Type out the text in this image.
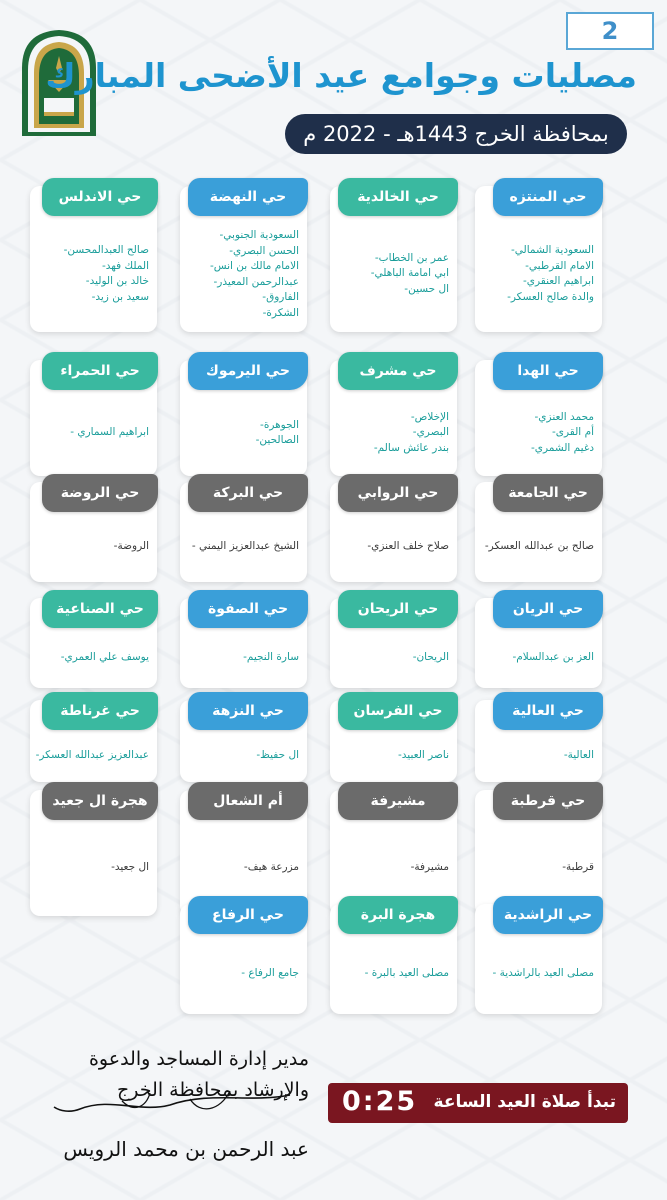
2
مصليات وجوامع عيد الأضحى المبارك
بمحافظة الخرج 1443هـ - 2022 م
حي المنتزه
السعودية الشمالي-
الامام القرطبي-
ابراهيم العنقري-
والدة صالح العسكر-
حي الخالدية
عمر بن الخطاب-
ابي امامة الباهلي-
ال حسين-
حي النهضة
السعودية الجنوبي-
الحسن البصري-
الامام مالك بن انس-
عبدالرحمن المعيذر-
الفاروق-
الشكرة-
حي الاندلس
صالح العبدالمحسن-
الملك فهد-
خالد بن الوليد-
سعيد بن زيد-
حي الهدا
محمد العنزي-
أم القرى-
دغيم الشمري-
حي مشرف
الإخلاص-
البصري-
بندر عائش سالم-
حي اليرموك
الجوهرة-
الصالحين-
حي الحمراء
ابراهيم السماري -
حي الجامعة
صالح بن عبدالله العسكر-
حي الروابي
صلاح خلف العنزي-
حي البركة
الشيخ عبدالعزيز اليمني -
حي الروضة
الروضة-
حي الريان
العز بن عبدالسلام-
حي الريحان
الريحان-
حي الصفوة
سارة النجيم-
حي الصناعية
يوسف علي العمري-
حي العالية
العالية-
حي الفرسان
ناصر العبيد-
حي النزهة
ال حفيظ-
حي غرناطة
عبدالعزيز عبدالله العسكر-
حي قرطبة
قرطبة-
مشيرفة
مشيرفة-
أم الشعال
مزرعة هيف-
هجرة ال جعيد
ال جعيد-
حي الراشدية
مصلى العيد بالراشدية -
هجرة البرة
مصلى العيد بالبرة -
حي الرفاع
جامع الرفاع -
مدير إدارة المساجد والدعوة
والإرشاد بمحافظة الخرج
عبد الرحمن بن محمد الرويس
تبدأ صلاة العيد الساعة
0:25
